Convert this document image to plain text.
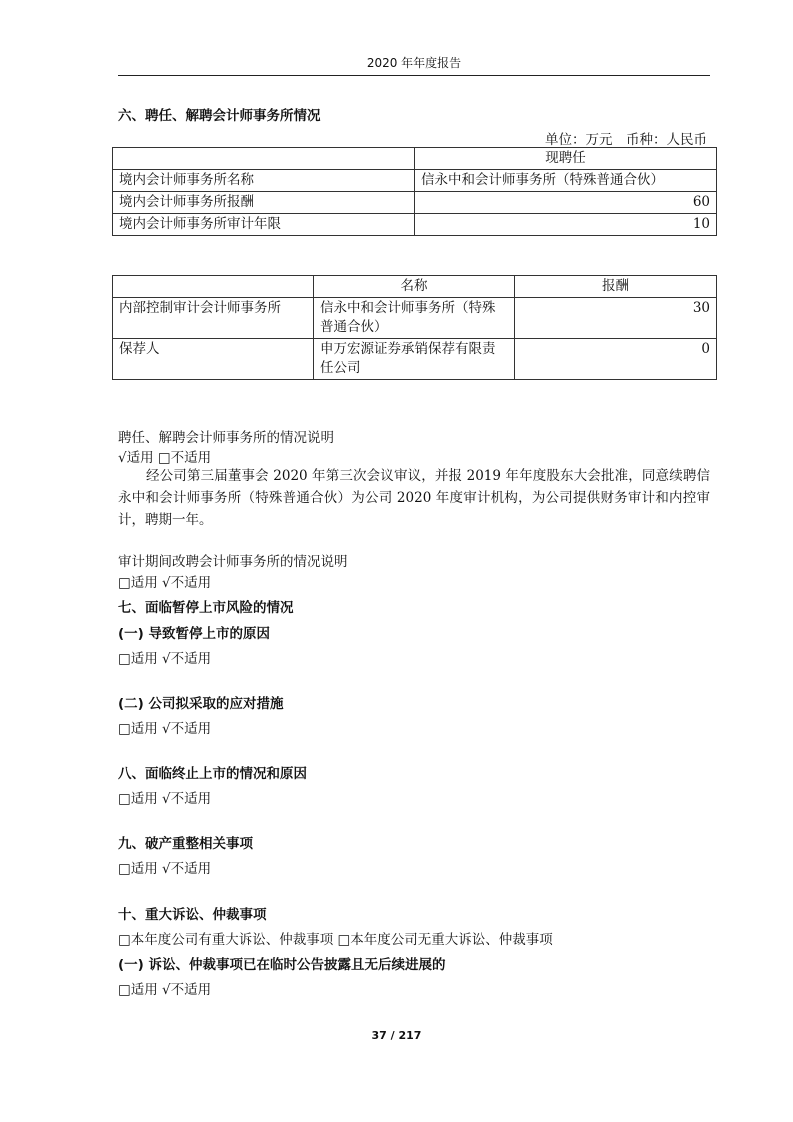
2020 年年度报告
六、聘任、解聘会计师事务所情况
单位：万元　币种：人民币
	现聘任
境内会计师事务所名称	信永中和会计师事务所（特殊普通合伙）
境内会计师事务所报酬	60
境内会计师事务所审计年限	10
	名称	报酬
内部控制审计会计师事务所	信永中和会计师事务所（特殊普通合伙）	30
保荐人	申万宏源证券承销保荐有限责任公司	0
聘任、解聘会计师事务所的情况说明
√适用 □不适用
经公司第三届董事会 2020 年第三次会议审议，并报 2019 年年度股东大会批准，同意续聘信永中和会计师事务所（特殊普通合伙）为公司 2020 年度审计机构，为公司提供财务审计和内控审计，聘期一年。
审计期间改聘会计师事务所的情况说明
□适用 √不适用
七、面临暂停上市风险的情况
(一) 导致暂停上市的原因
□适用 √不适用
(二) 公司拟采取的应对措施
□适用 √不适用
八、面临终止上市的情况和原因
□适用 √不适用
九、破产重整相关事项
□适用 √不适用
十、重大诉讼、仲裁事项
□本年度公司有重大诉讼、仲裁事项 □本年度公司无重大诉讼、仲裁事项
(一) 诉讼、仲裁事项已在临时公告披露且无后续进展的
□适用 √不适用
37 / 217
